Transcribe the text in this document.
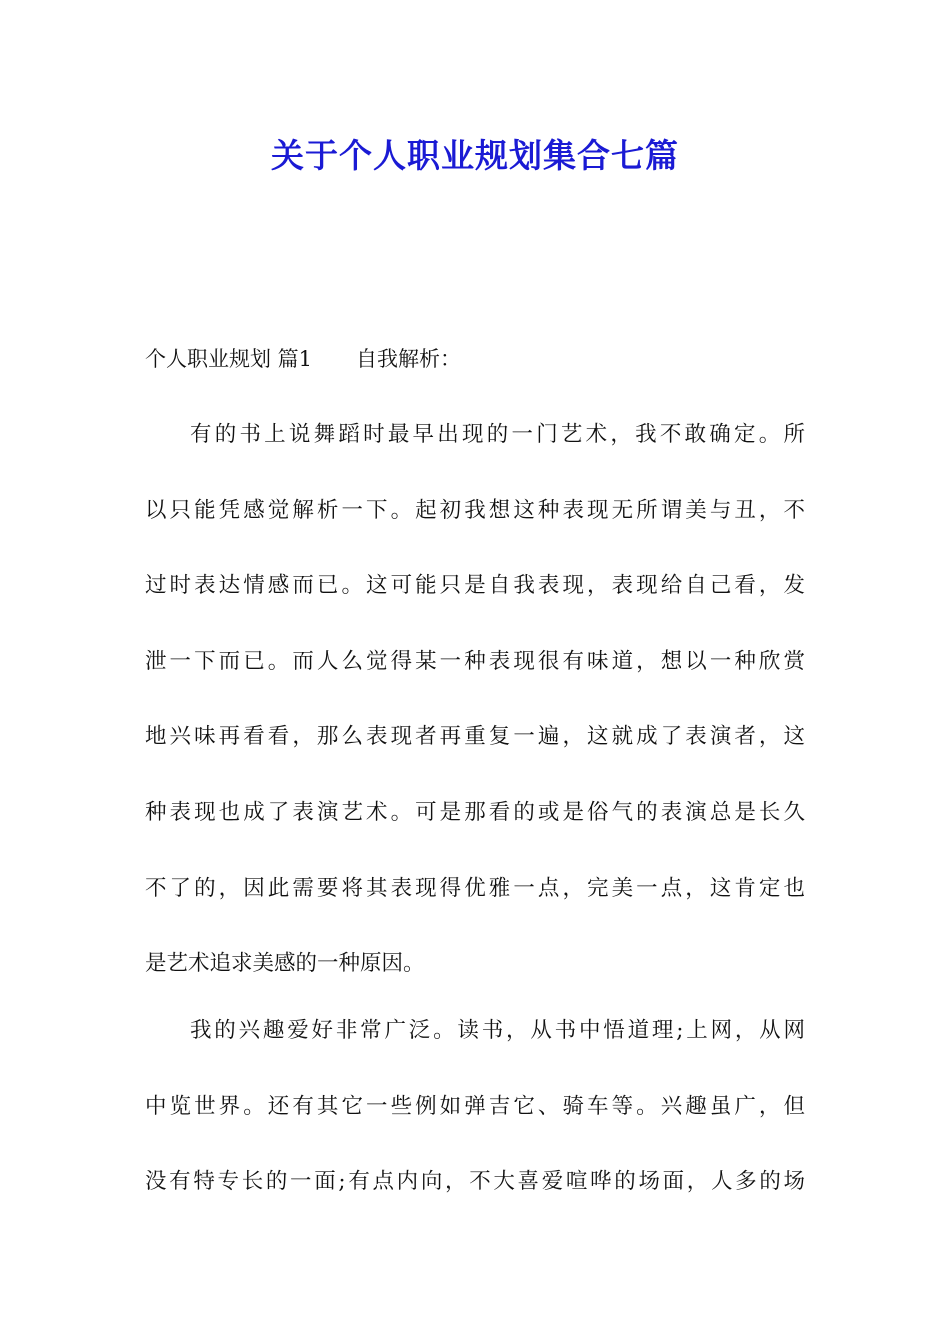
关于个人职业规划集合七篇
个人职业规划 篇1 自我解析：
有的书上说舞蹈时最早出现的一门艺术，我不敢确定。所
以只能凭感觉解析一下。起初我想这种表现无所谓美与丑，不
过时表达情感而已。这可能只是自我表现，表现给自己看，发
泄一下而已。而人么觉得某一种表现很有味道，想以一种欣赏
地兴味再看看，那么表现者再重复一遍，这就成了表演者，这
种表现也成了表演艺术。可是那看的或是俗气的表演总是长久
不了的，因此需要将其表现得优雅一点，完美一点，这肯定也
是艺术追求美感的一种原因。
我的兴趣爱好非常广泛。读书，从书中悟道理;上网，从网
中览世界。还有其它一些例如弹吉它、骑车等。兴趣虽广，但
没有特专长的一面;有点内向，不大喜爱喧哗的场面，人多的场
